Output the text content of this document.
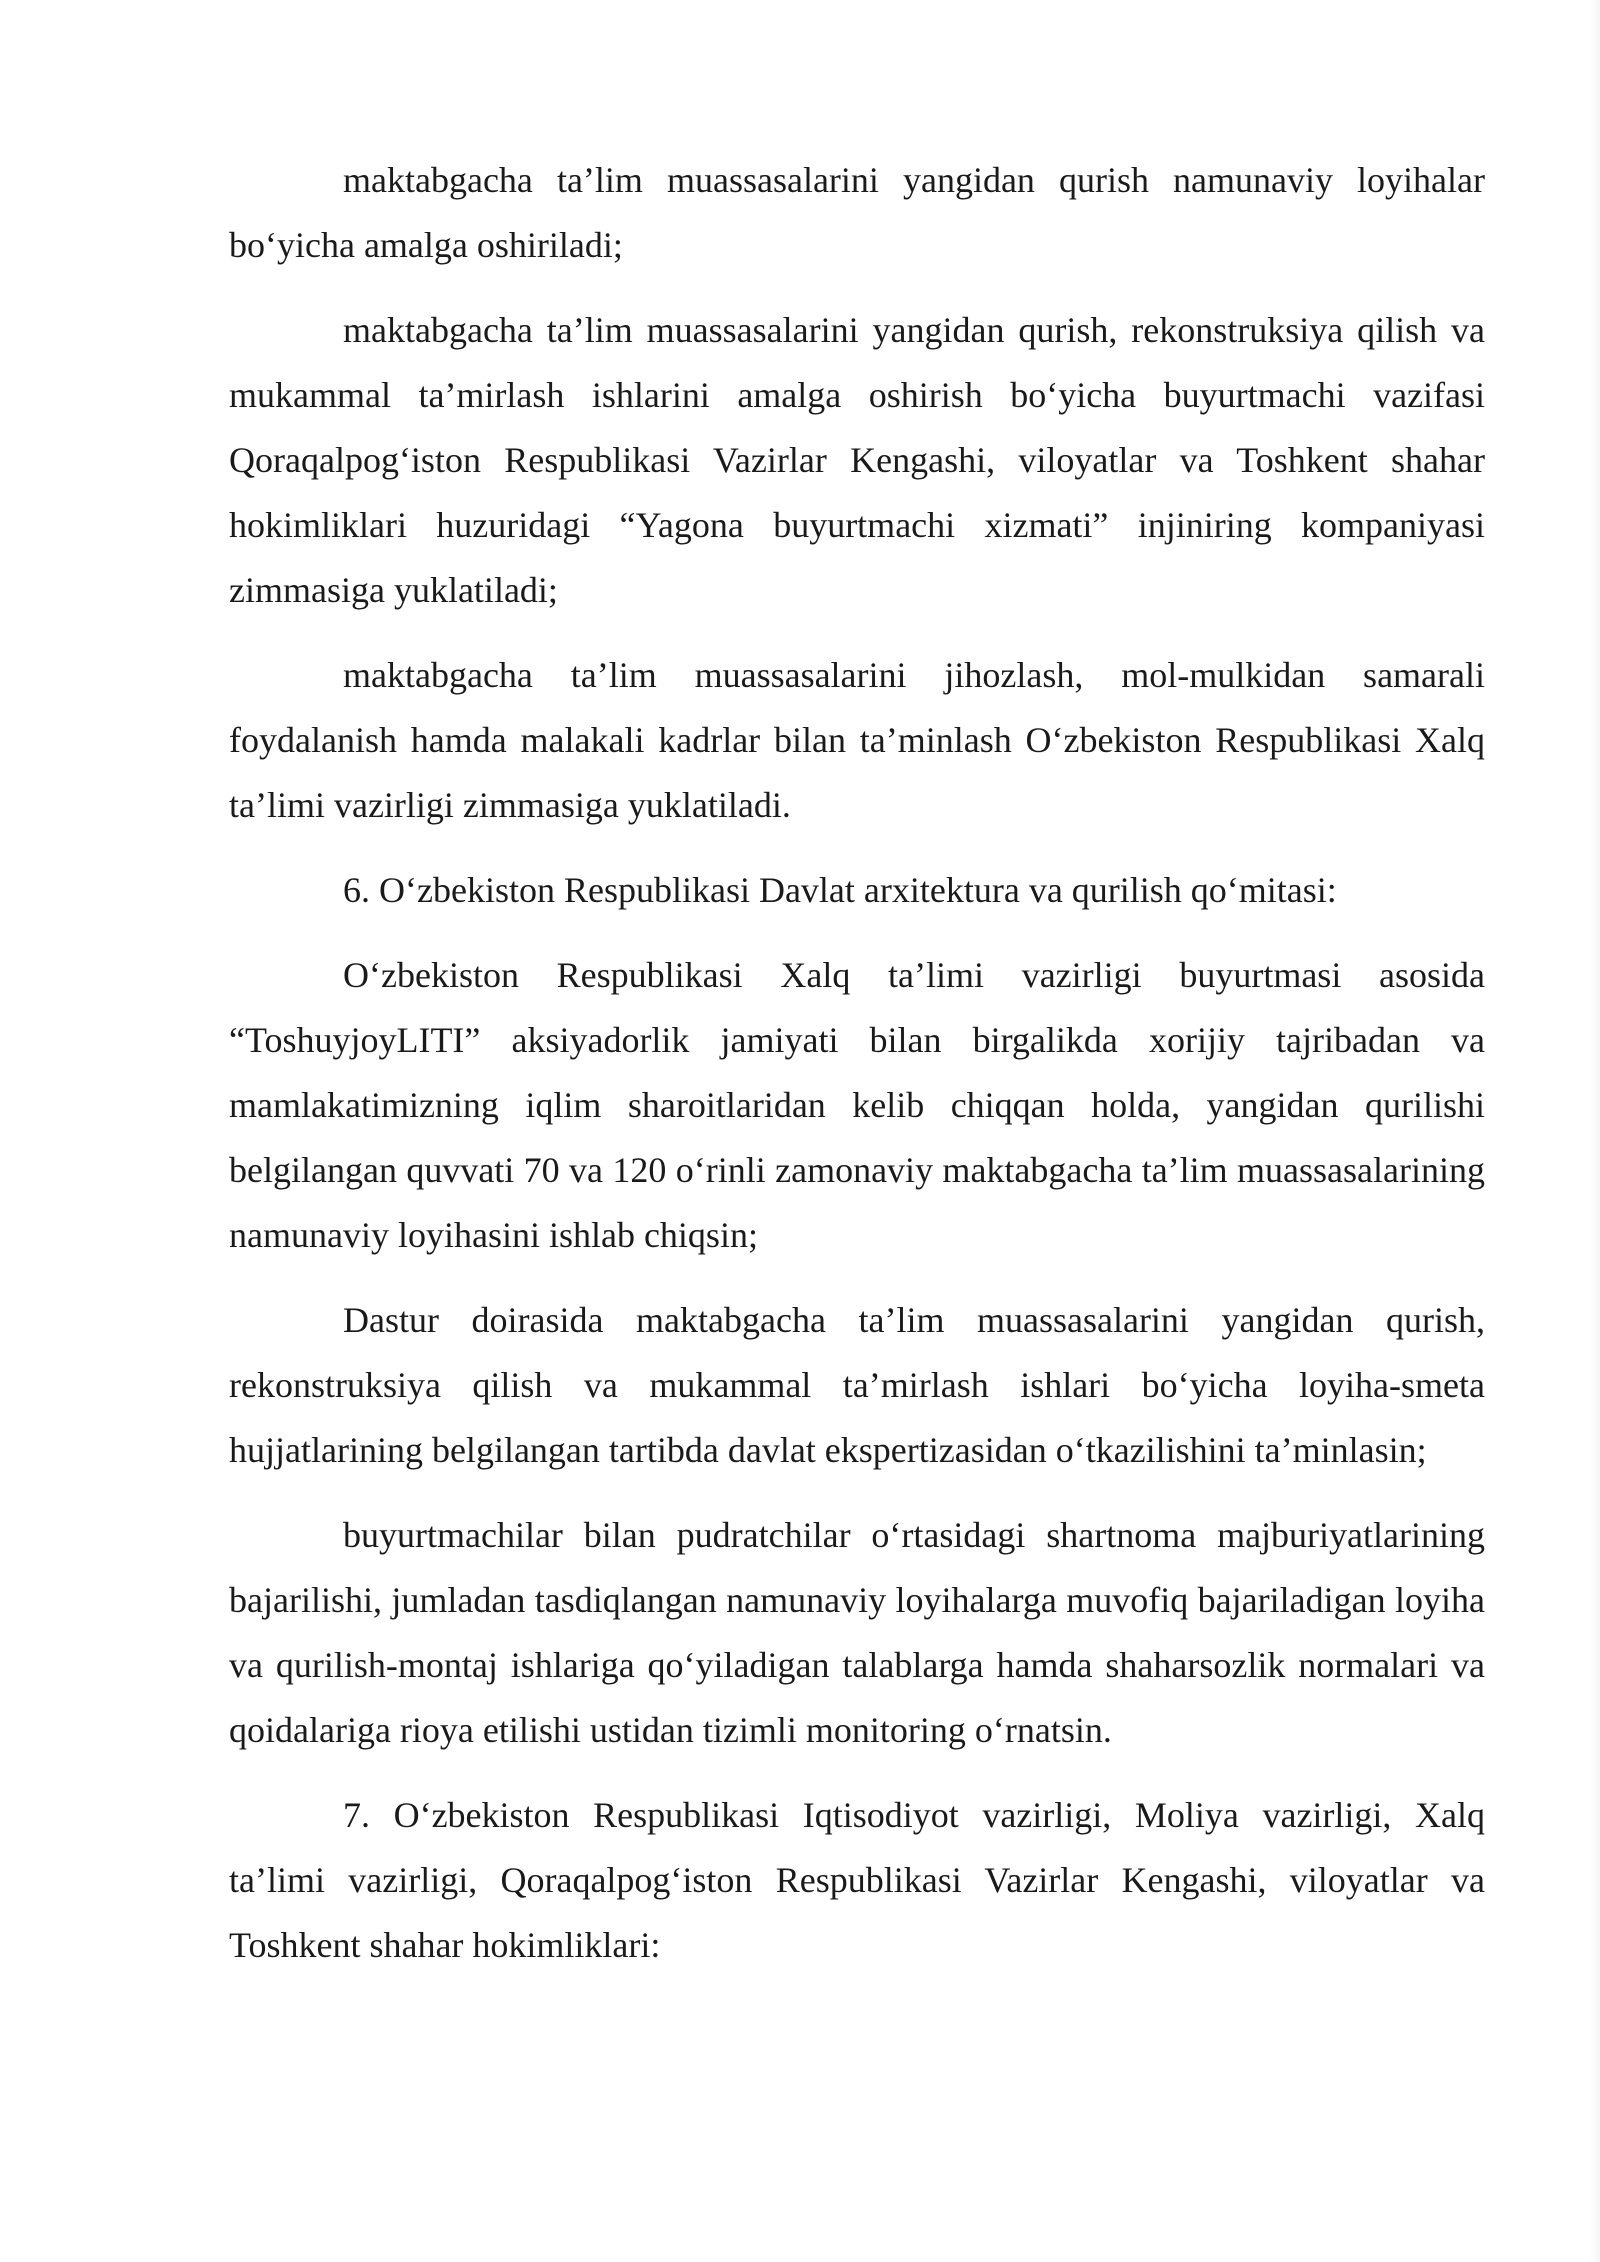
maktabgacha ta’lim muassasalarini yangidan qurish namunaviy loyihalar bo‘yicha amalga oshiriladi;

maktabgacha ta’lim muassasalarini yangidan qurish, rekonstruksiya qilish va mukammal ta’mirlash ishlarini amalga oshirish bo‘yicha buyurtmachi vazifasi Qoraqalpog‘iston Respublikasi Vazirlar Kengashi, viloyatlar va Toshkent shahar hokimliklari huzuridagi “Yagona buyurtmachi xizmati” injiniring kompaniyasi zimmasiga yuklatiladi;

maktabgacha ta’lim muassasalarini jihozlash, mol-mulkidan samarali foydalanish hamda malakali kadrlar bilan ta’minlash O‘zbekiston Respublikasi Xalq ta’limi vazirligi zimmasiga yuklatiladi.

6. O‘zbekiston Respublikasi Davlat arxitektura va qurilish qo‘mitasi:

O‘zbekiston Respublikasi Xalq ta’limi vazirligi buyurtmasi asosida “ToshuyjoyLITI” aksiyadorlik jamiyati bilan birgalikda xorijiy tajribadan va mamlakatimizning iqlim sharoitlaridan kelib chiqqan holda, yangidan qurilishi belgilangan quvvati 70 va 120 o‘rinli zamonaviy maktabgacha ta’lim muassasalarining namunaviy loyihasini ishlab chiqsin;

Dastur doirasida maktabgacha ta’lim muassasalarini yangidan qurish, rekonstruksiya qilish va mukammal ta’mirlash ishlari bo‘yicha loyiha-smeta hujjatlarining belgilangan tartibda davlat ekspertizasidan o‘tkazilishini ta’minlasin;

buyurtmachilar bilan pudratchilar o‘rtasidagi shartnoma majburiyatlarining bajarilishi, jumladan tasdiqlangan namunaviy loyihalarga muvofiq bajariladigan loyiha va qurilish-montaj ishlariga qo‘yiladigan talablarga hamda shaharsozlik normalari va qoidalariga rioya etilishi ustidan tizimli monitoring o‘rnatsin.

7. O‘zbekiston Respublikasi Iqtisodiyot vazirligi, Moliya vazirligi, Xalq ta’limi vazirligi, Qoraqalpog‘iston Respublikasi Vazirlar Kengashi, viloyatlar va Toshkent shahar hokimliklari:
